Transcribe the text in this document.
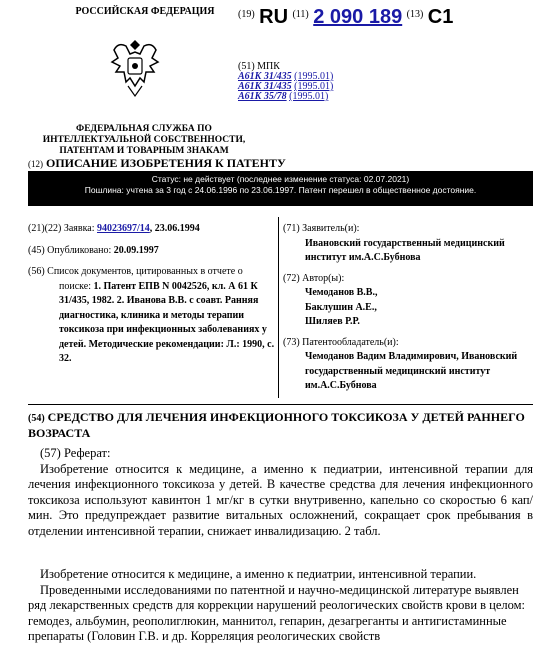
РОССИЙСКАЯ ФЕДЕРАЦИЯ
ФЕДЕРАЛЬНАЯ СЛУЖБА ПО ИНТЕЛЛЕКТУАЛЬНОЙ СОБСТВЕННОСТИ, ПАТЕНТАМ И ТОВАРНЫМ ЗНАКАМ
$^{(19)}$ RU $^{(11)}$ 2 090 189 $^{(13)}$ C1
(51) МПК
A61K 31/435 (1995.01)
A61K 31/435 (1995.01)
A61K 35/78 (1995.01)
(12) ОПИСАНИЕ ИЗОБРЕТЕНИЯ К ПАТЕНТУ
Статус: не действует (последнее изменение статуса: 02.07.2021)
Пошлина: учтена за 3 год с 24.06.1996 по 23.06.1997. Патент перешел в общественное достояние.

(21)(22) Заявка: 94023697/14, 23.06.1994

(45) Опубликовано: 20.09.1997

(56) Список документов, цитированных в отчете о поиске: 1. Патент ЕПВ N 0042526, кл. А 61 К 31/435, 1982. 2. Иванова В.В. с соавт. Ранняя диагностика, клиника и методы терапии токсикоза при инфекционных заболеваниях у детей. Методические рекомендации: Л.: 1990, с. 32.

(71) Заявитель(и):
Ивановский государственный медицинский институт им.А.С.Бубнова
(72) Автор(ы):
Чемоданов В.В.,
Баклушин А.Е.,
Шиляев Р.Р.
(73) Патентообладатель(и):
Чемоданов Вадим Владимирович, Ивановский государственный медицинский институт им.А.С.Бубнова
(54) СРЕДСТВО ДЛЯ ЛЕЧЕНИЯ ИНФЕКЦИОННОГО ТОКСИКОЗА У ДЕТЕЙ РАННЕГО ВОЗРАСТА
(57) Реферат:

Изобретение относится к медицине, а именно к педиатрии, интенсивной терапии для лечения инфекционного токсикоза у детей. В качестве средства для лечения инфекционного токсикоза используют кавинтон 1 мг/кг в сутки внутривенно, капельно со скоростью 6 кап/мин. Это предупреждает развитие витальных осложнений, сокращает срок пребывания в отделении интенсивной терапии, снижает инвалидизацию. 2 табл.

Изобретение относится к медицине, а именно к педиатрии, интенсивной терапии.

Проведенными исследованиями по патентной и научно-медицинской литературе выявлен ряд лекарственных средств для коррекции нарушений реологических свойств крови в целом: гемодез, альбумин, реополиглюкин, маннитол, гепарин, дезагреганты и антигистаминные препараты (Головин Г.В. и др. Корреляция реологических свойств
